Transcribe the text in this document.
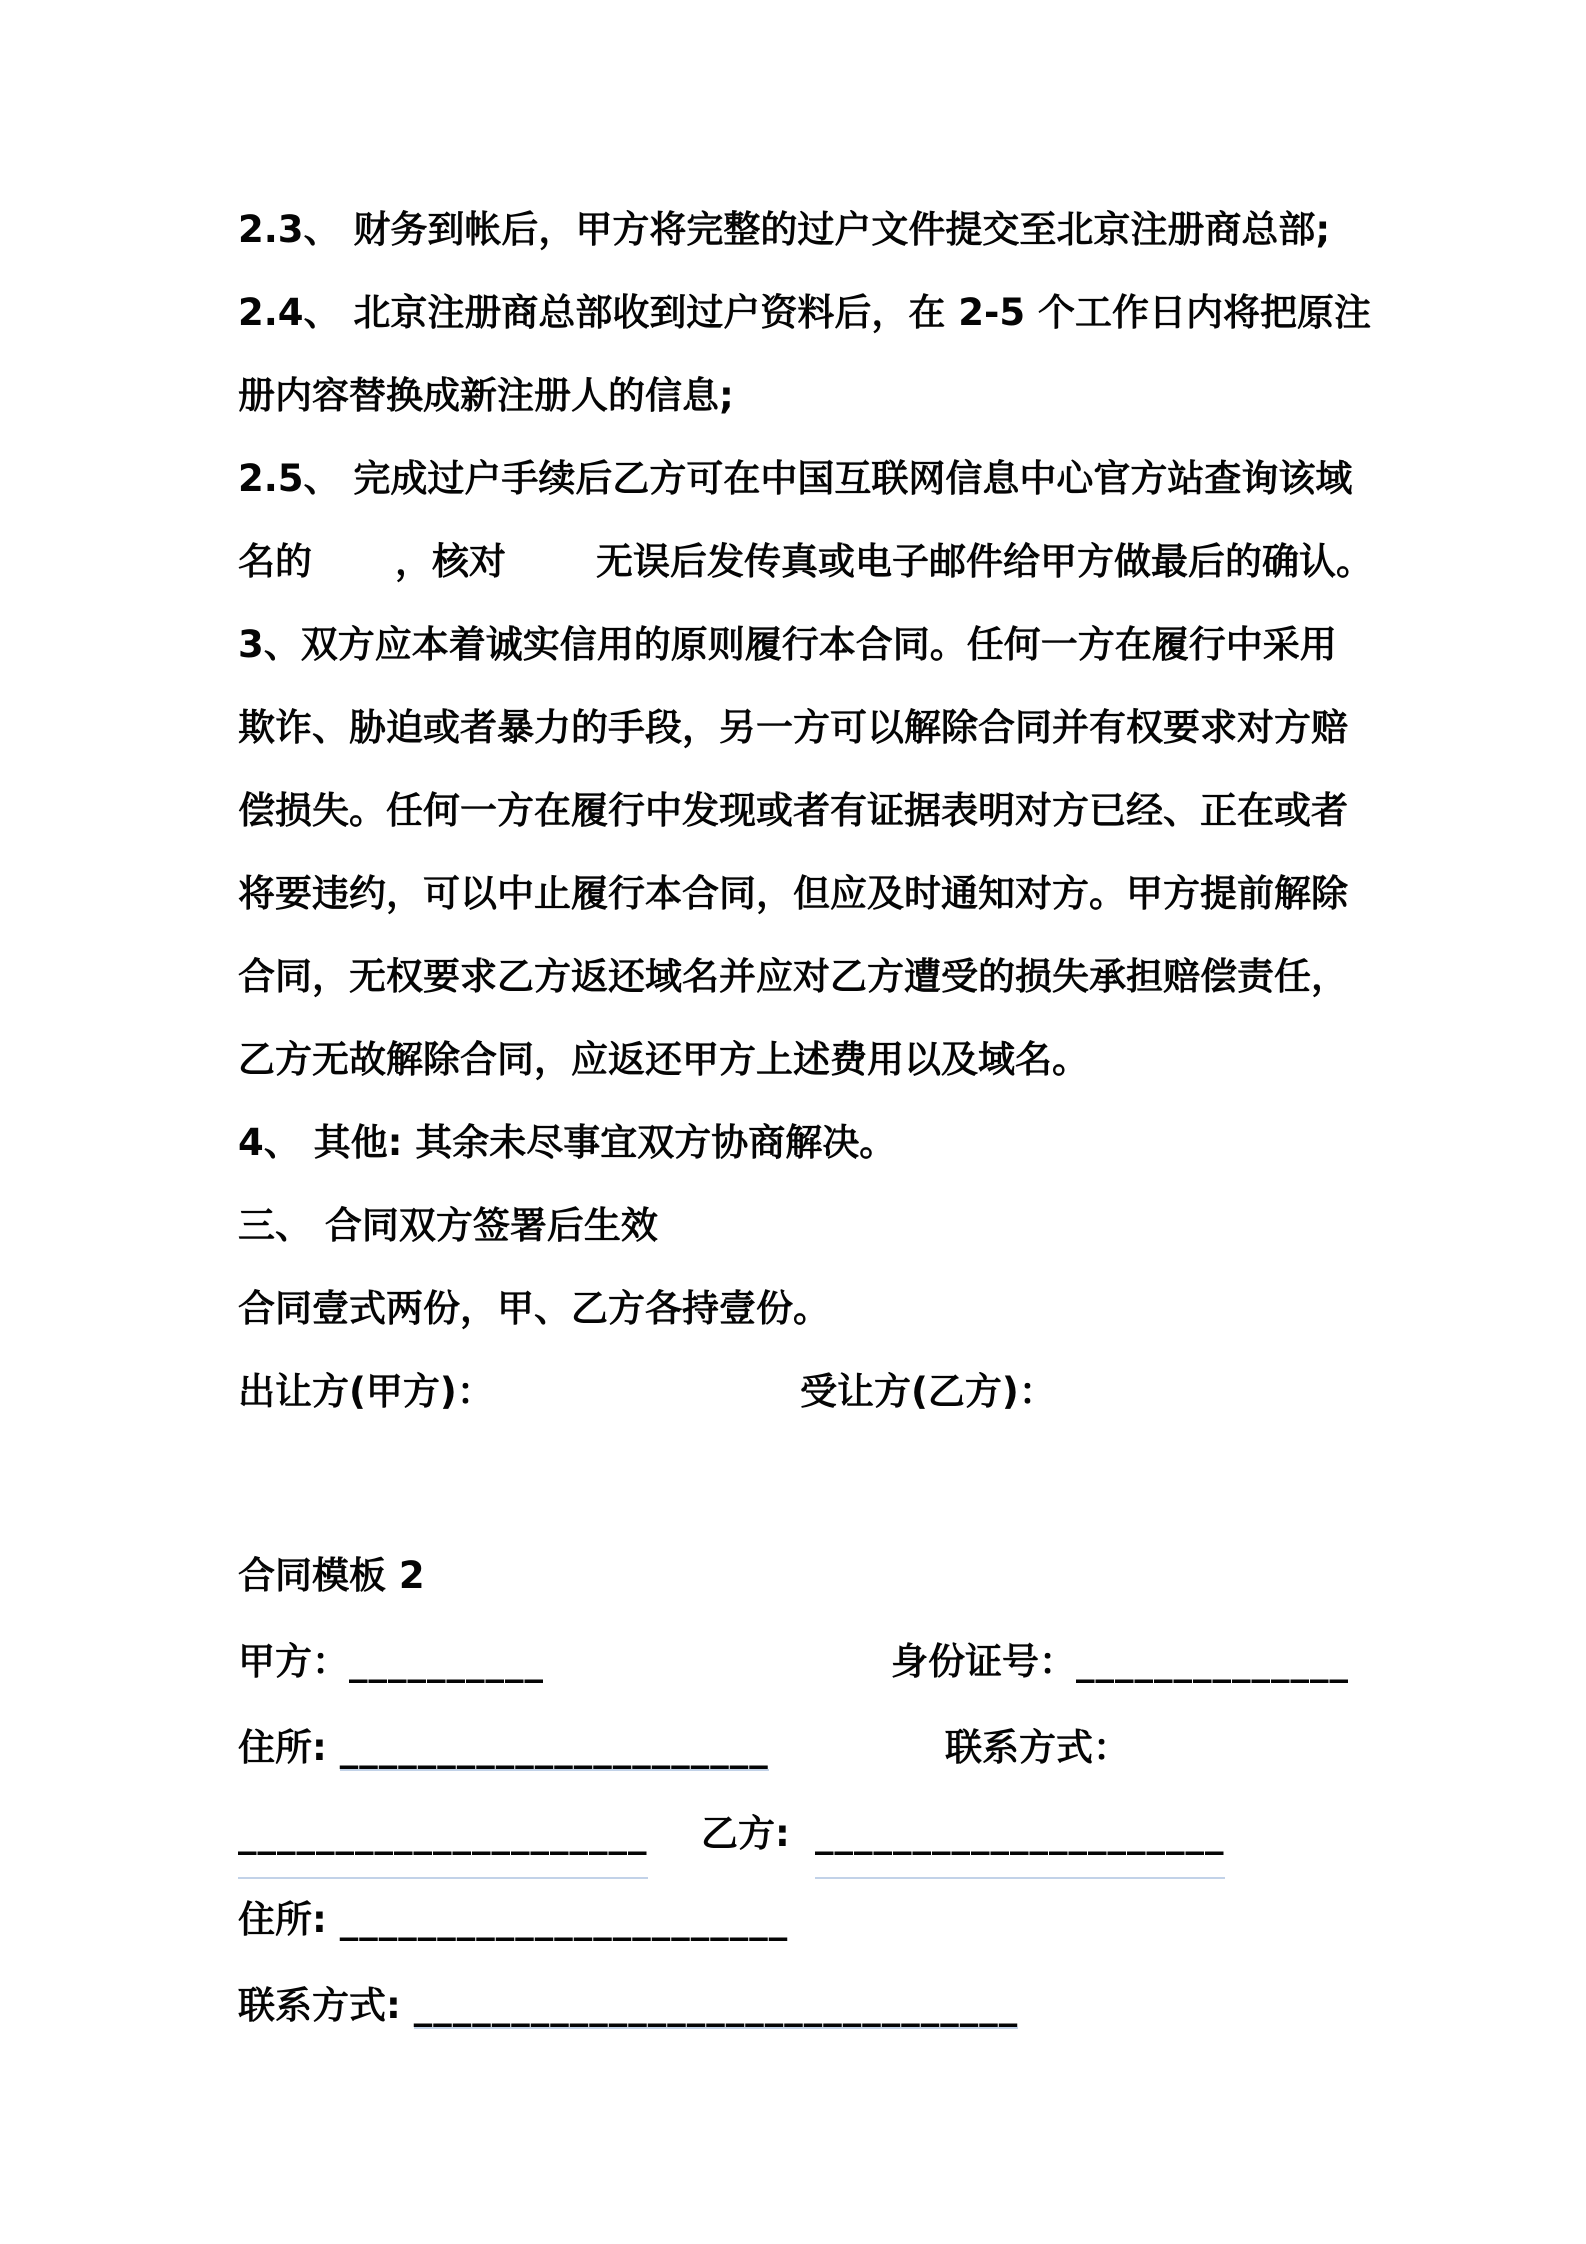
2.3、 财务到帐后，甲方将完整的过户文件提交至北京注册商总部;
2.4、 北京注册商总部收到过户资料后，在 2-5 个工作日内将把原注
册内容替换成新注册人的信息;
2.5、 完成过户手续后乙方可在中国互联网信息中心官方站查询该域
名的 ，核对 无误后发传真或电子邮件给甲方做最后的确认。
3、双方应本着诚实信用的原则履行本合同。任何一方在履行中采用
欺诈、胁迫或者暴力的手段，另一方可以解除合同并有权要求对方赔
偿损失。任何一方在履行中发现或者有证据表明对方已经、正在或者
将要违约，可以中止履行本合同，但应及时通知对方。甲方提前解除
合同，无权要求乙方返还域名并应对乙方遭受的损失承担赔偿责任，
乙方无故解除合同，应返还甲方上述费用以及域名。
4、 其他: 其余未尽事宜双方协商解决。
三、 合同双方签署后生效
合同壹式两份，甲、乙方各持壹份。
出让方(甲方)：	受让方(乙方)：
合同模板 2
甲方：__________	身份证号：______________
住所: ______________________	联系方式：
_____________________ 乙方: _____________________
住所: _______________________
联系方式: _______________________________
